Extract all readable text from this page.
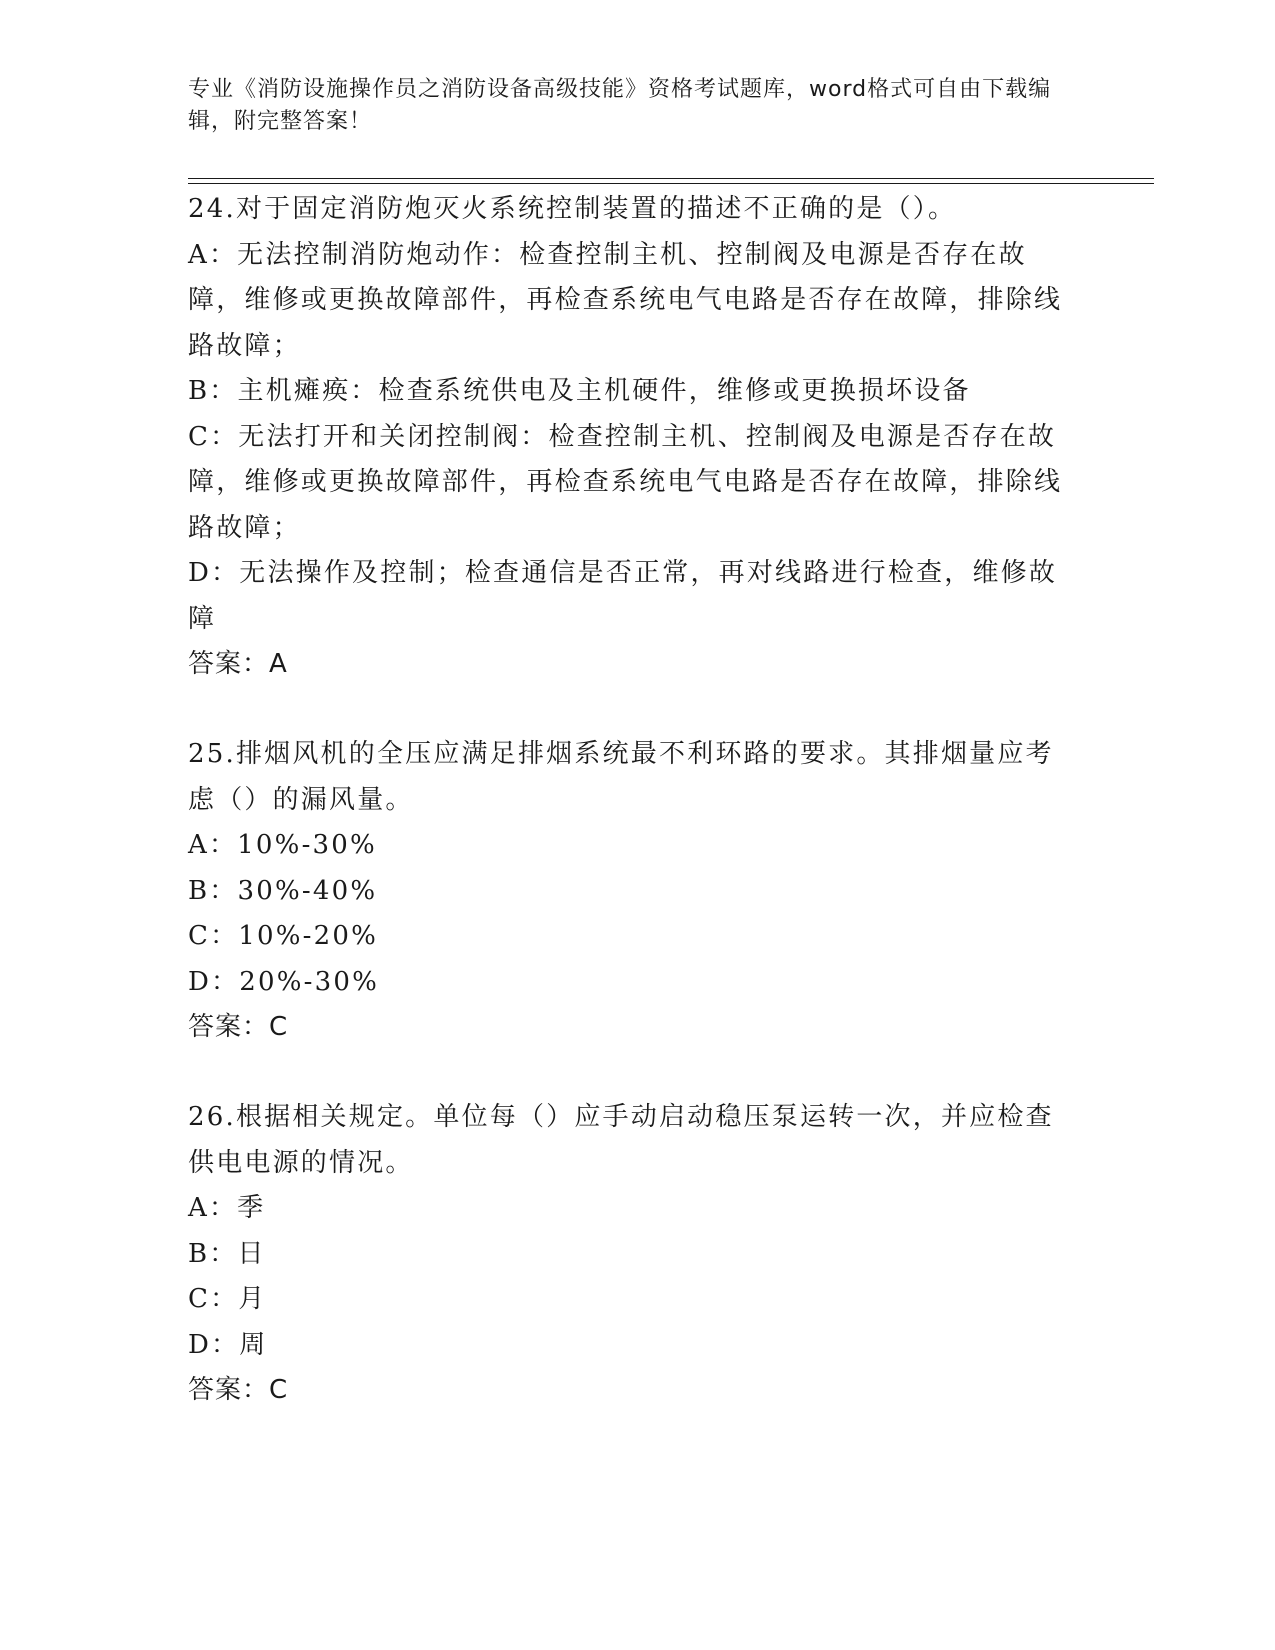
专业《消防设施操作员之消防设备高级技能》资格考试题库，word格式可自由下载编辑，附完整答案！

24.对于固定消防炮灭火系统控制装置的描述不正确的是（）。

A：无法控制消防炮动作：检查控制主机、控制阀及电源是否存在故障，维修或更换故障部件，再检查系统电气电路是否存在故障，排除线路故障；

B：主机瘫痪：检查系统供电及主机硬件，维修或更换损坏设备

C：无法打开和关闭控制阀：检查控制主机、控制阀及电源是否存在故障，维修或更换故障部件，再检查系统电气电路是否存在故障，排除线路故障；

D：无法操作及控制；检查通信是否正常，再对线路进行检查，维修故障

答案：A

25.排烟风机的全压应满足排烟系统最不利环路的要求。其排烟量应考虑（）的漏风量。

A：10%-30%

B：30%-40%

C：10%-20%

D：20%-30%

答案：C

26.根据相关规定。单位每（）应手动启动稳压泵运转一次，并应检查供电电源的情况。

A：季

B：日

C：月

D：周

答案：C
